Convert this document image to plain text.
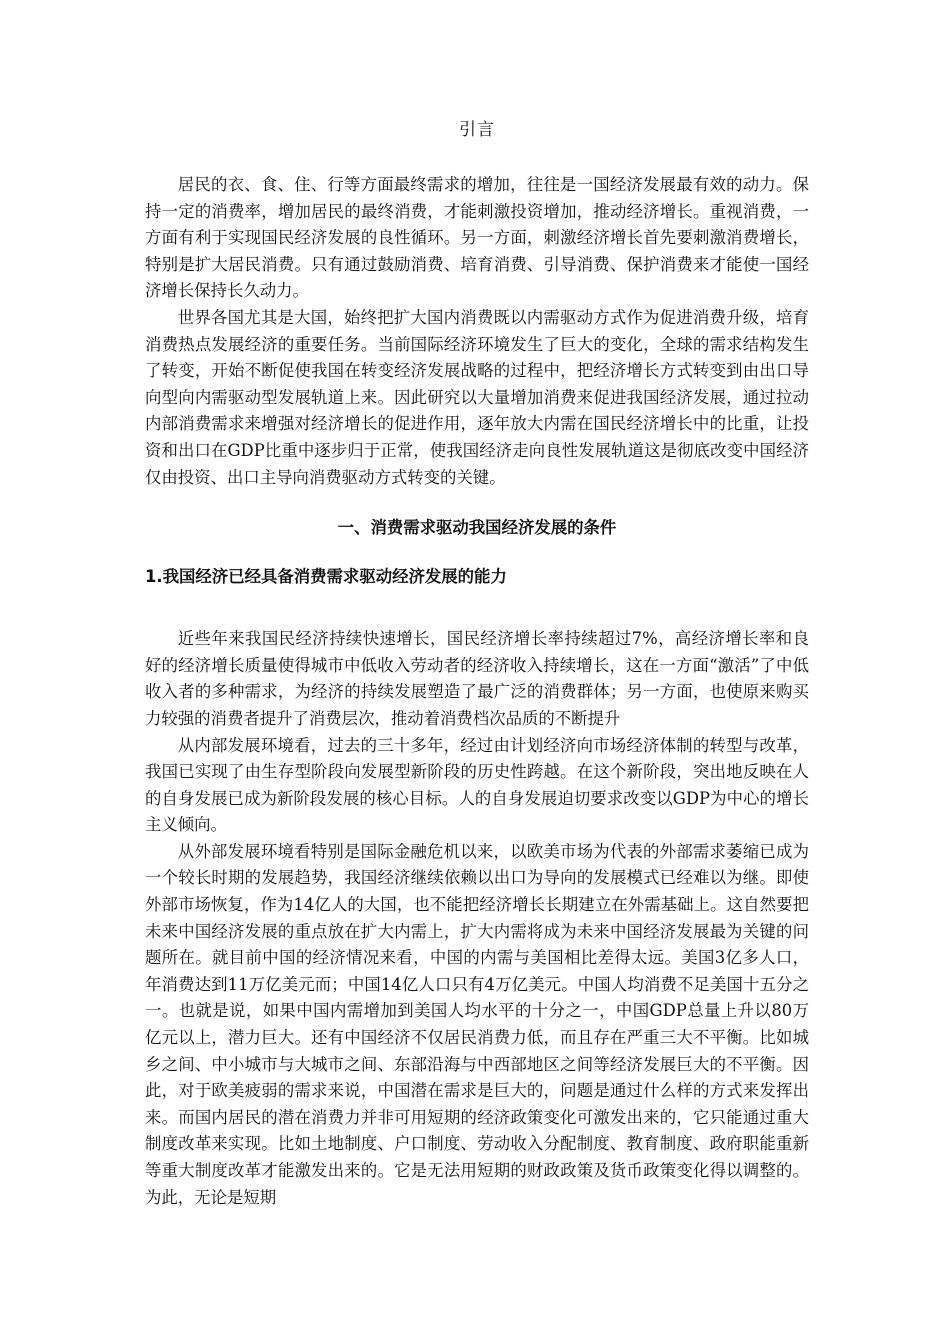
引言

居民的衣、食、住、行等方面最终需求的增加，往往是一国经济发展最有效的动力。保持一定的消费率，增加居民的最终消费，才能刺激投资增加，推动经济增长。重视消费，一方面有利于实现国民经济发展的良性循环。另一方面，刺激经济增长首先要刺激消费增长，特别是扩大居民消费。只有通过鼓励消费、培育消费、引导消费、保护消费来才能使一国经济增长保持长久动力。

世界各国尤其是大国，始终把扩大国内消费既以内需驱动方式作为促进消费升级，培育消费热点发展经济的重要任务。当前国际经济环境发生了巨大的变化，全球的需求结构发生了转变，开始不断促使我国在转变经济发展战略的过程中，把经济增长方式转变到由出口导向型向内需驱动型发展轨道上来。因此研究以大量增加消费来促进我国经济发展，通过拉动内部消费需求来增强对经济增长的促进作用，逐年放大内需在国民经济增长中的比重，让投资和出口在GDP比重中逐步归于正常，使我国经济走向良性发展轨道这是彻底改变中国经济仅由投资、出口主导向消费驱动方式转变的关键。

一、消费需求驱动我国经济发展的条件
1.我国经济已经具备消费需求驱动经济发展的能力

近些年来我国民经济持续快速增长，国民经济增长率持续超过7%，高经济增长率和良好的经济增长质量使得城市中低收入劳动者的经济收入持续增长，这在一方面“激活”了中低收入者的多种需求，为经济的持续发展塑造了最广泛的消费群体；另一方面，也使原来购买力较强的消费者提升了消费层次，推动着消费档次品质的不断提升

从内部发展环境看，过去的三十多年，经过由计划经济向市场经济体制的转型与改革，我国已实现了由生存型阶段向发展型新阶段的历史性跨越。在这个新阶段，突出地反映在人的自身发展已成为新阶段发展的核心目标。人的自身发展迫切要求改变以GDP为中心的增长主义倾向。

从外部发展环境看特别是国际金融危机以来，以欧美市场为代表的外部需求萎缩已成为一个较长时期的发展趋势，我国经济继续依赖以出口为导向的发展模式已经难以为继。即使外部市场恢复，作为14亿人的大国，也不能把经济增长长期建立在外需基础上。这自然要把未来中国经济发展的重点放在扩大内需上，扩大内需将成为未来中国经济发展最为关键的问题所在。就目前中国的经济情况来看，中国的内需与美国相比差得太远。美国3亿多人口，年消费达到11万亿美元而；中国14亿人口只有4万亿美元。中国人均消费不足美国十五分之一。也就是说，如果中国内需增加到美国人均水平的十分之一，中国GDP总量上升以80万亿元以上，潜力巨大。还有中国经济不仅居民消费力低，而且存在严重三大不平衡。比如城乡之间、中小城市与大城市之间、东部沿海与中西部地区之间等经济发展巨大的不平衡。因此，对于欧美疲弱的需求来说，中国潜在需求是巨大的，问题是通过什么样的方式来发挥出来。而国内居民的潜在消费力并非可用短期的经济政策变化可激发出来的，它只能通过重大制度改革来实现。比如土地制度、户口制度、劳动收入分配制度、教育制度、政府职能重新等重大制度改革才能激发出来的。它是无法用短期的财政政策及货币政策变化得以调整的。为此，无论是短期
